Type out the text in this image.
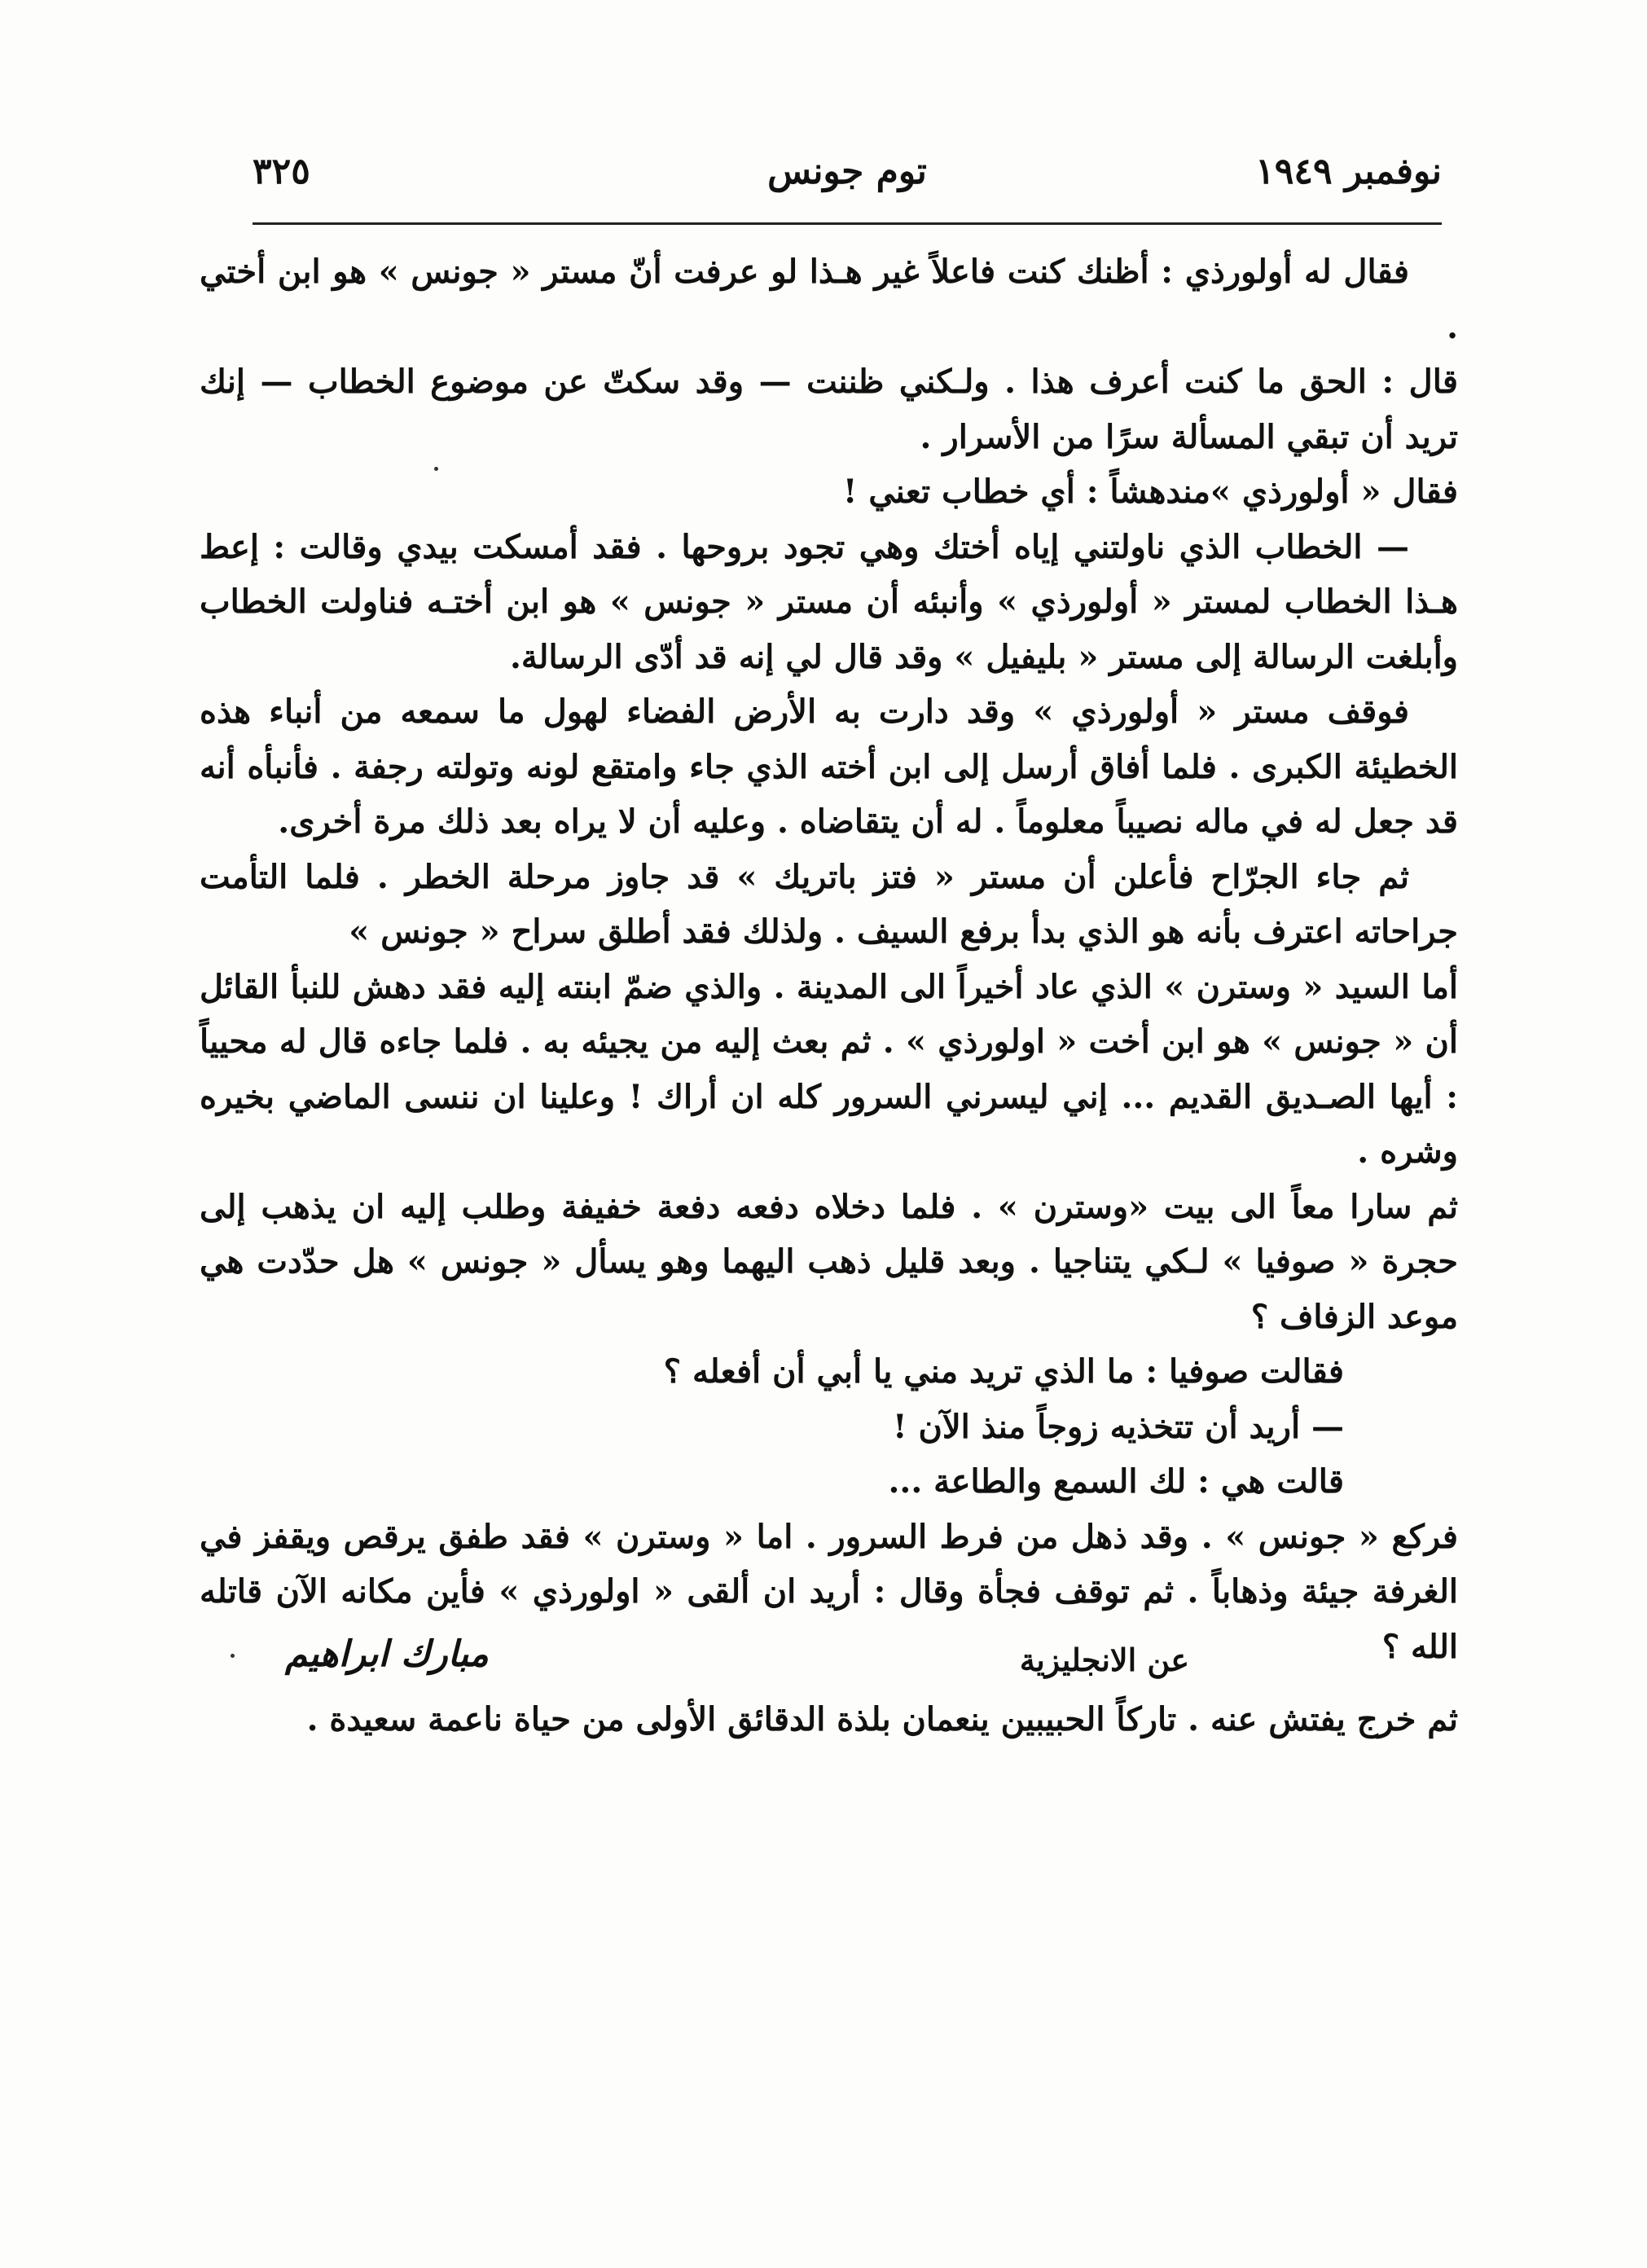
نوفمبر ١٩٤٩
توم جونس
٣٢٥

فقال له أولورذي : أظنك كنت فاعلاً غير هـذا لو عرفت أنّ مستر « جونس » هو ابن أختي .

قال : الحق ما كنت أعرف هذا . ولـكني ظننت — وقد سكتّ عن موضوع الخطاب — إنك تريد أن تبقي المسألة سرًا من الأسرار .

فقال « أولورذي »مندهشاً : أي خطاب تعني !

— الخطاب الذي ناولتني إياه أختك وهي تجود بروحها . فقد أمسكت بيدي وقالت : إعط هـذا الخطاب لمستر « أولورذي » وأنبئه أن مستر « جونس » هو ابن أختـه فناولت الخطاب وأبلغت الرسالة إلى مستر « بليفيل » وقد قال لي إنه قد أدّى الرسالة.

فوقف مستر « أولورذي » وقد دارت به الأرض الفضاء لهول ما سمعه من أنباء هذه الخطيئة الكبرى . فلما أفاق أرسل إلى ابن أخته الذي جاء وامتقع لونه وتولته رجفة . فأنبأه أنه قد جعل له في ماله نصيباً معلوماً . له أن يتقاضاه . وعليه أن لا يراه بعد ذلك مرة أخرى.

ثم جاء الجرّاح فأعلن أن مستر « فتز باتريك » قد جاوز مرحلة الخطر . فلما التأمت جراحاته اعترف بأنه هو الذي بدأ برفع السيف . ولذلك فقد أطلق سراح « جونس »

أما السيد « وسترن » الذي عاد أخيراً الى المدينة . والذي ضمّ ابنته إليه فقد دهش للنبأ القائل أن « جونس » هو ابن أخت « اولورذي » . ثم بعث إليه من يجيئه به . فلما جاءه قال له محيياً : أيها الصـديق القديم ... إني ليسرني السرور كله ان أراك ! وعلينا ان ننسى الماضي بخيره وشره .

ثم سارا معاً الى بيت «وسترن » . فلما دخلاه دفعه دفعة خفيفة وطلب إليه ان يذهب إلى حجرة « صوفيا » لـكي يتناجيا . وبعد قليل ذهب اليهما وهو يسأل « جونس » هل حدّدت هي موعد الزفاف ؟

فقالت صوفيا : ما الذي تريد مني يا أبي أن أفعله ؟

— أريد أن تتخذيه زوجاً منذ الآن !

قالت هي : لك السمع والطاعة ...

فركع « جونس » . وقد ذهل من فرط السرور . اما « وسترن » فقد طفق يرقص ويقفز في الغرفة جيئة وذهاباً . ثم توقف فجأة وقال : أريد ان ألقى « اولورذي » فأين مكانه الآن قاتله الله ؟

ثم خرج يفتش عنه . تاركاً الحبيبين ينعمان بلذة الدقائق الأولى من حياة ناعمة سعيدة .

عن الانجليزية
مبارك ابراهيم
